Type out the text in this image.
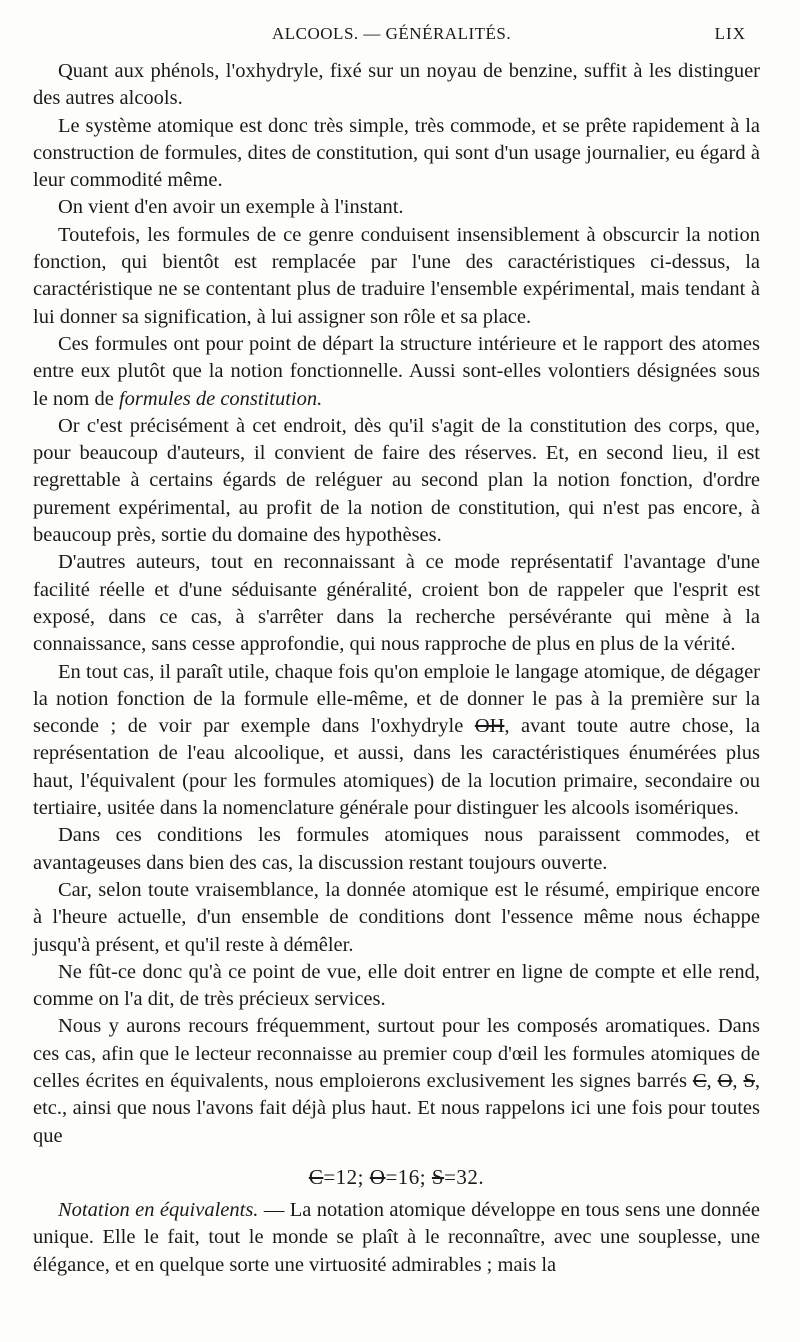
ALCOOLS. — GÉNÉRALITÉS.	LIX

Quant aux phénols, l'oxhydryle, fixé sur un noyau de benzine, suffit à les distinguer des autres alcools.

Le système atomique est donc très simple, très commode, et se prête rapidement à la construction de formules, dites de constitution, qui sont d'un usage journalier, eu égard à leur commodité même.

On vient d'en avoir un exemple à l'instant.

Toutefois, les formules de ce genre conduisent insensiblement à obscurcir la notion fonction, qui bientôt est remplacée par l'une des caractéristiques ci-dessus, la caractéristique ne se contentant plus de traduire l'ensemble expérimental, mais tendant à lui donner sa signification, à lui assigner son rôle et sa place.

Ces formules ont pour point de départ la structure intérieure et le rapport des atomes entre eux plutôt que la notion fonctionnelle. Aussi sont-elles volontiers désignées sous le nom de formules de constitution.

Or c'est précisément à cet endroit, dès qu'il s'agit de la constitution des corps, que, pour beaucoup d'auteurs, il convient de faire des réserves. Et, en second lieu, il est regrettable à certains égards de reléguer au second plan la notion fonction, d'ordre purement expérimental, au profit de la notion de constitution, qui n'est pas encore, à beaucoup près, sortie du domaine des hypothèses.

D'autres auteurs, tout en reconnaissant à ce mode représentatif l'avantage d'une facilité réelle et d'une séduisante généralité, croient bon de rappeler que l'esprit est exposé, dans ce cas, à s'arrêter dans la recherche persévérante qui mène à la connaissance, sans cesse approfondie, qui nous rapproche de plus en plus de la vérité.

En tout cas, il paraît utile, chaque fois qu'on emploie le langage atomique, de dégager la notion fonction de la formule elle-même, et de donner le pas à la première sur la seconde ; de voir par exemple dans l'oxhydryle OH, avant toute autre chose, la représentation de l'eau alcoolique, et aussi, dans les caractéristiques énumérées plus haut, l'équivalent (pour les formules atomiques) de la locution primaire, secondaire ou tertiaire, usitée dans la nomenclature générale pour distinguer les alcools isomériques.

Dans ces conditions les formules atomiques nous paraissent commodes, et avantageuses dans bien des cas, la discussion restant toujours ouverte.

Car, selon toute vraisemblance, la donnée atomique est le résumé, empirique encore à l'heure actuelle, d'un ensemble de conditions dont l'essence même nous échappe jusqu'à présent, et qu'il reste à démêler.

Ne fût-ce donc qu'à ce point de vue, elle doit entrer en ligne de compte et elle rend, comme on l'a dit, de très précieux services.

Nous y aurons recours fréquemment, surtout pour les composés aromatiques. Dans ces cas, afin que le lecteur reconnaisse au premier coup d'œil les formules atomiques de celles écrites en équivalents, nous emploierons exclusivement les signes barrés C, O, S, etc., ainsi que nous l'avons fait déjà plus haut. Et nous rappelons ici une fois pour toutes que

C=12; O=16; S=32.

Notation en équivalents. — La notation atomique développe en tous sens une donnée unique. Elle le fait, tout le monde se plaît à le reconnaître, avec une souplesse, une élégance, et en quelque sorte une virtuosité admirables ; mais la
